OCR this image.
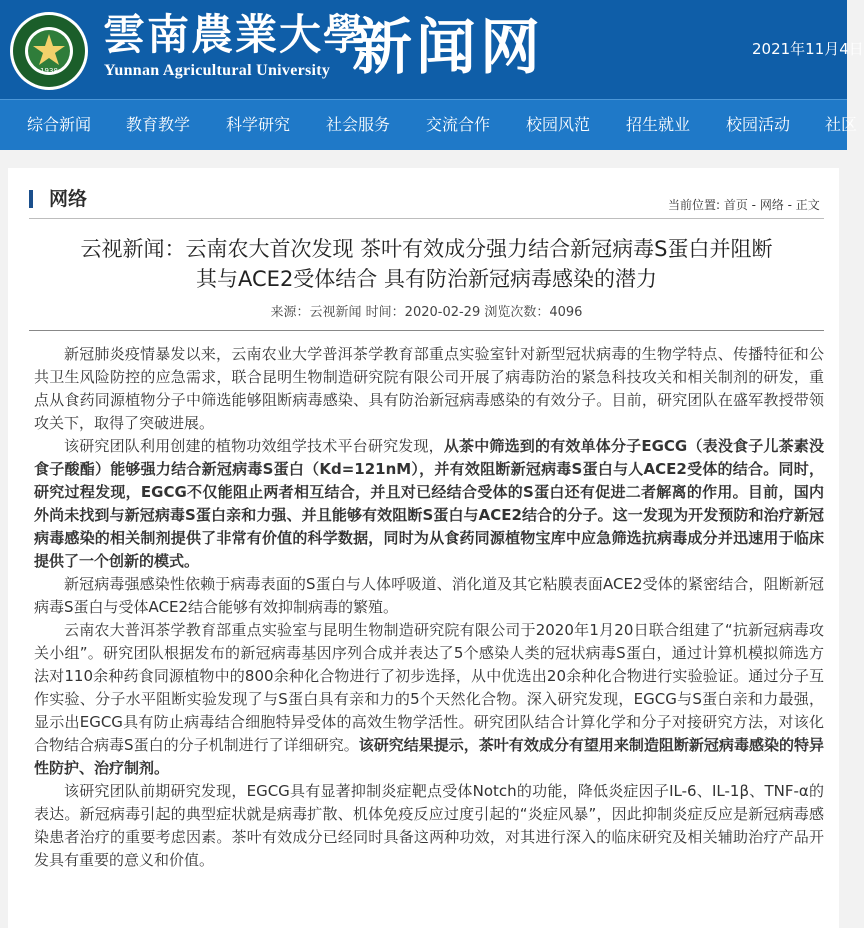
1938
雲南農業大學
Yunnan Agricultural University 新闻网	2021年11月4日
综合新闻 教育教学 科学研究 社会服务 交流合作 校园风范 招生就业 校园活动 社区
网络	当前位置: 首页 - 网络 - 正文
云视新闻：云南农大首次发现 茶叶有效成分强力结合新冠病毒S蛋白并阻断
其与ACE2受体结合 具有防治新冠病毒感染的潜力
来源：云视新闻 时间：2020-02-29 浏览次数：4096

新冠肺炎疫情暴发以来，云南农业大学普洱茶学教育部重点实验室针对新型冠状病毒的生物学特点、传播特征和公共卫生风险防控的应急需求，联合昆明生物制造研究院有限公司开展了病毒防治的紧急科技攻关和相关制剂的研发，重点从食药同源植物分子中筛选能够阻断病毒感染、具有防治新冠病毒感染的有效分子。目前，研究团队在盛军教授带领攻关下，取得了突破进展。

该研究团队利用创建的植物功效组学技术平台研究发现，从茶中筛选到的有效单体分子EGCG（表没食子儿茶素没食子酸酯）能够强力结合新冠病毒S蛋白（Kd=121nM），并有效阻断新冠病毒S蛋白与人ACE2受体的结合。同时，研究过程发现，EGCG不仅能阻止两者相互结合，并且对已经结合受体的S蛋白还有促进二者解离的作用。目前，国内外尚未找到与新冠病毒S蛋白亲和力强、并且能够有效阻断S蛋白与ACE2结合的分子。这一发现为开发预防和治疗新冠病毒感染的相关制剂提供了非常有价值的科学数据，同时为从食药同源植物宝库中应急筛选抗病毒成分并迅速用于临床提供了一个创新的模式。

新冠病毒强感染性依赖于病毒表面的S蛋白与人体呼吸道、消化道及其它粘膜表面ACE2受体的紧密结合，阻断新冠病毒S蛋白与受体ACE2结合能够有效抑制病毒的繁殖。

云南农大普洱茶学教育部重点实验室与昆明生物制造研究院有限公司于2020年1月20日联合组建了“抗新冠病毒攻关小组”。研究团队根据发布的新冠病毒基因序列合成并表达了5个感染人类的冠状病毒S蛋白，通过计算机模拟筛选方法对110余种药食同源植物中的800余种化合物进行了初步选择，从中优选出20余种化合物进行实验验证。通过分子互作实验、分子水平阻断实验发现了与S蛋白具有亲和力的5个天然化合物。深入研究发现，EGCG与S蛋白亲和力最强，显示出EGCG具有防止病毒结合细胞特异受体的高效生物学活性。研究团队结合计算化学和分子对接研究方法，对该化合物结合病毒S蛋白的分子机制进行了详细研究。该研究结果提示，茶叶有效成分有望用来制造阻断新冠病毒感染的特异性防护、治疗制剂。

该研究团队前期研究发现，EGCG具有显著抑制炎症靶点受体Notch的功能，降低炎症因子IL-6、IL-1β、TNF-α的表达。新冠病毒引起的典型症状就是病毒扩散、机体免疫反应过度引起的“炎症风暴”，因此抑制炎症反应是新冠病毒感染患者治疗的重要考虑因素。茶叶有效成分已经同时具备这两种功效，对其进行深入的临床研究及相关辅助治疗产品开发具有重要的意义和价值。
